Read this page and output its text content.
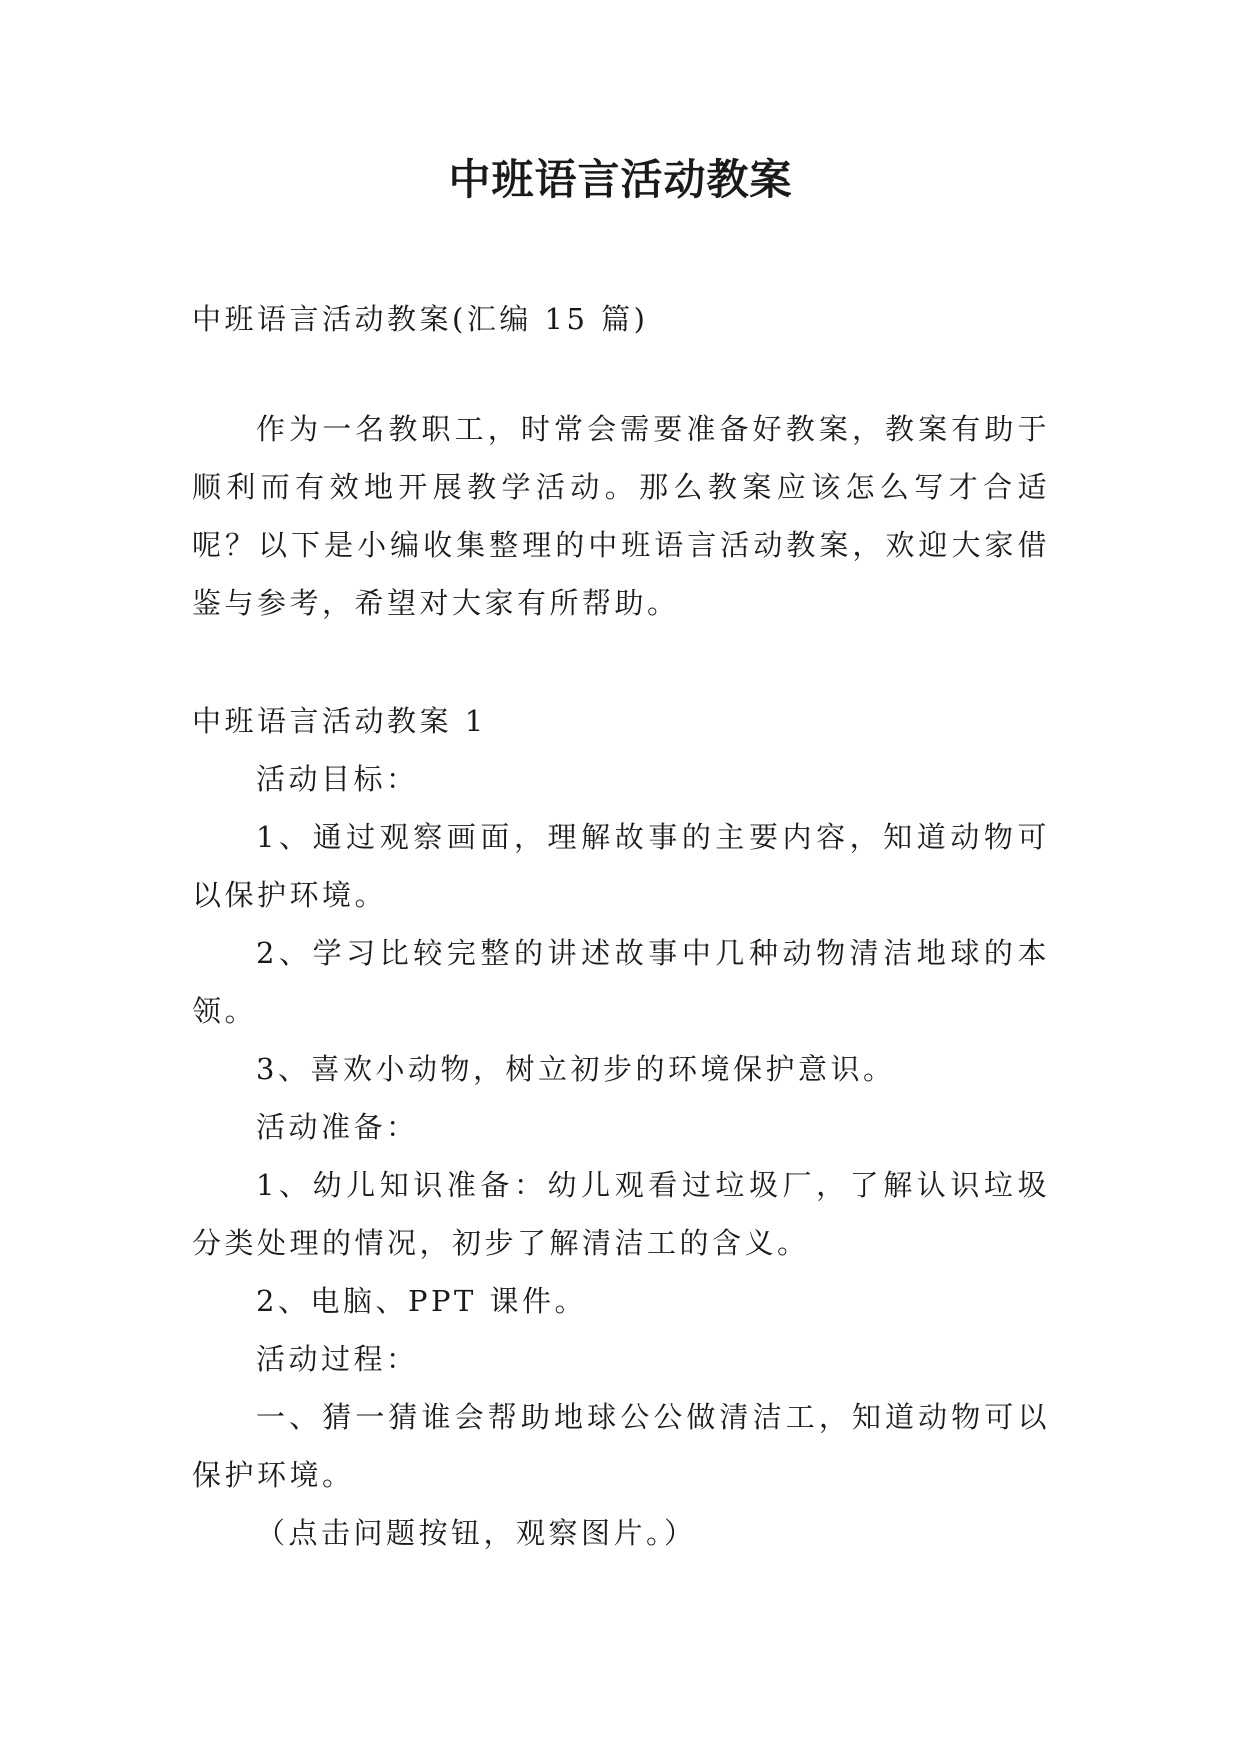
中班语言活动教案
中班语言活动教案(汇编 15 篇)

作为一名教职工，时常会需要准备好教案，教案有助于顺利而有效地开展教学活动。那么教案应该怎么写才合适呢？以下是小编收集整理的中班语言活动教案，欢迎大家借鉴与参考，希望对大家有所帮助。

中班语言活动教案 1

活动目标：

1、通过观察画面，理解故事的主要内容，知道动物可以保护环境。

2、学习比较完整的讲述故事中几种动物清洁地球的本领。

3、喜欢小动物，树立初步的环境保护意识。

活动准备：

1、幼儿知识准备：幼儿观看过垃圾厂，了解认识垃圾分类处理的情况，初步了解清洁工的含义。

2、电脑、PPT 课件。

活动过程：

一、猜一猜谁会帮助地球公公做清洁工，知道动物可以保护环境。

（点击问题按钮，观察图片。）
